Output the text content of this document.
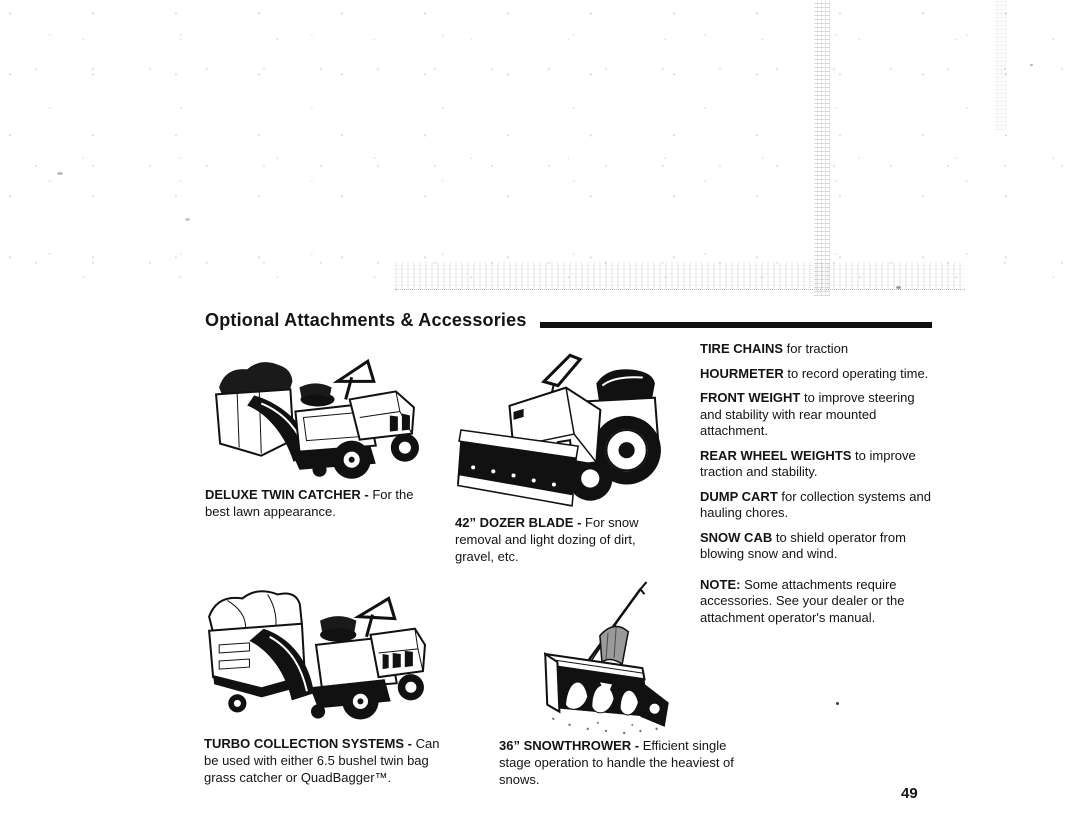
Optional Attachments & Accessories
DELUXE TWIN CATCHER - For the best lawn appearance.
42” DOZER BLADE - For snow removal and light dozing of dirt, gravel, etc.
TURBO COLLECTION SYSTEMS - Can be used with either 6.5 bushel twin bag grass catcher or QuadBagger™.
36” SNOWTHROWER - Efficient single stage operation to handle the heaviest of snows.

TIRE CHAINS for traction

HOURMETER to record operating time.

FRONT WEIGHT to improve steering and stability with rear mounted attachment.

REAR WHEEL WEIGHTS to improve traction and stability.

DUMP CART for collection systems and hauling chores.

SNOW CAB to shield operator from blowing snow and wind.

NOTE: Some attachments require accessories. See your dealer or the attachment operator's manual.

49
